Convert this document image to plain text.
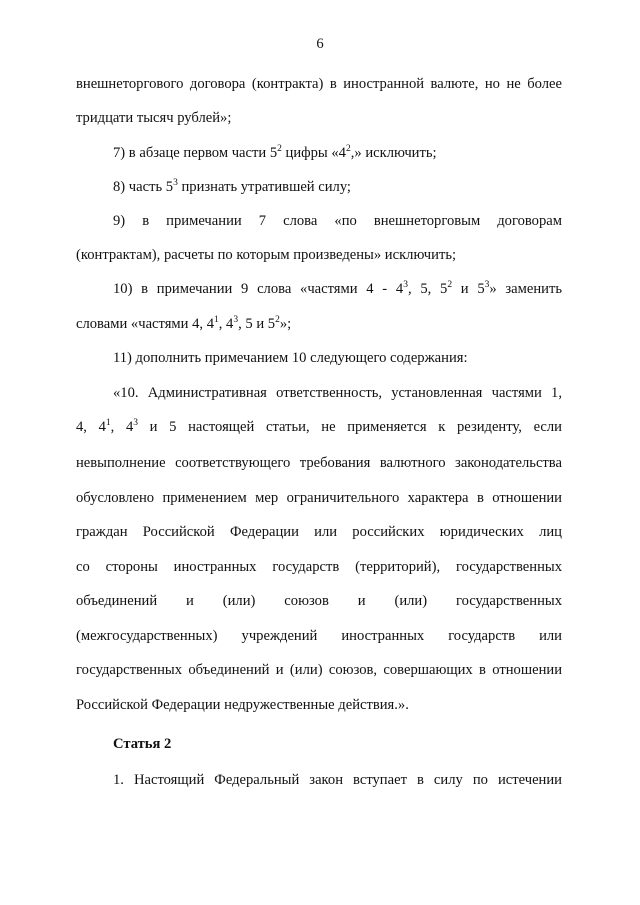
6
внешнеторгового договора (контракта) в иностранной валюте, но не более
тридцати тысяч рублей»;
7) в абзаце первом части $5^2$ цифры «$4^2$,» исключить;
8) часть $5^3$ признать утратившей силу;
9) в примечании 7 слова «по внешнеторговым договорам
(контрактам), расчеты по которым произведены» исключить;
10) в примечании 9 слова «частями $4 - 4^3$, 5, $5^2$ и $5^3$» заменить
словами «частями 4, $4^1$, $4^3$, 5 и $5^2$»;
11) дополнить примечанием 10 следующего содержания:
«10. Административная ответственность, установленная частями 1,
4, $4^1$, $4^3$ и 5 настоящей статьи, не применяется к резиденту, если
невыполнение соответствующего требования валютного законодательства
обусловлено применением мер ограничительного характера в отношении
граждан Российской Федерации или российских юридических лиц
со стороны иностранных государств (территорий), государственных
объединений и (или) союзов и (или) государственных
(межгосударственных) учреждений иностранных государств или
государственных объединений и (или) союзов, совершающих в отношении
Российской Федерации недружественные действия.».
Статья 2
1. Настоящий Федеральный закон вступает в силу по истечении
